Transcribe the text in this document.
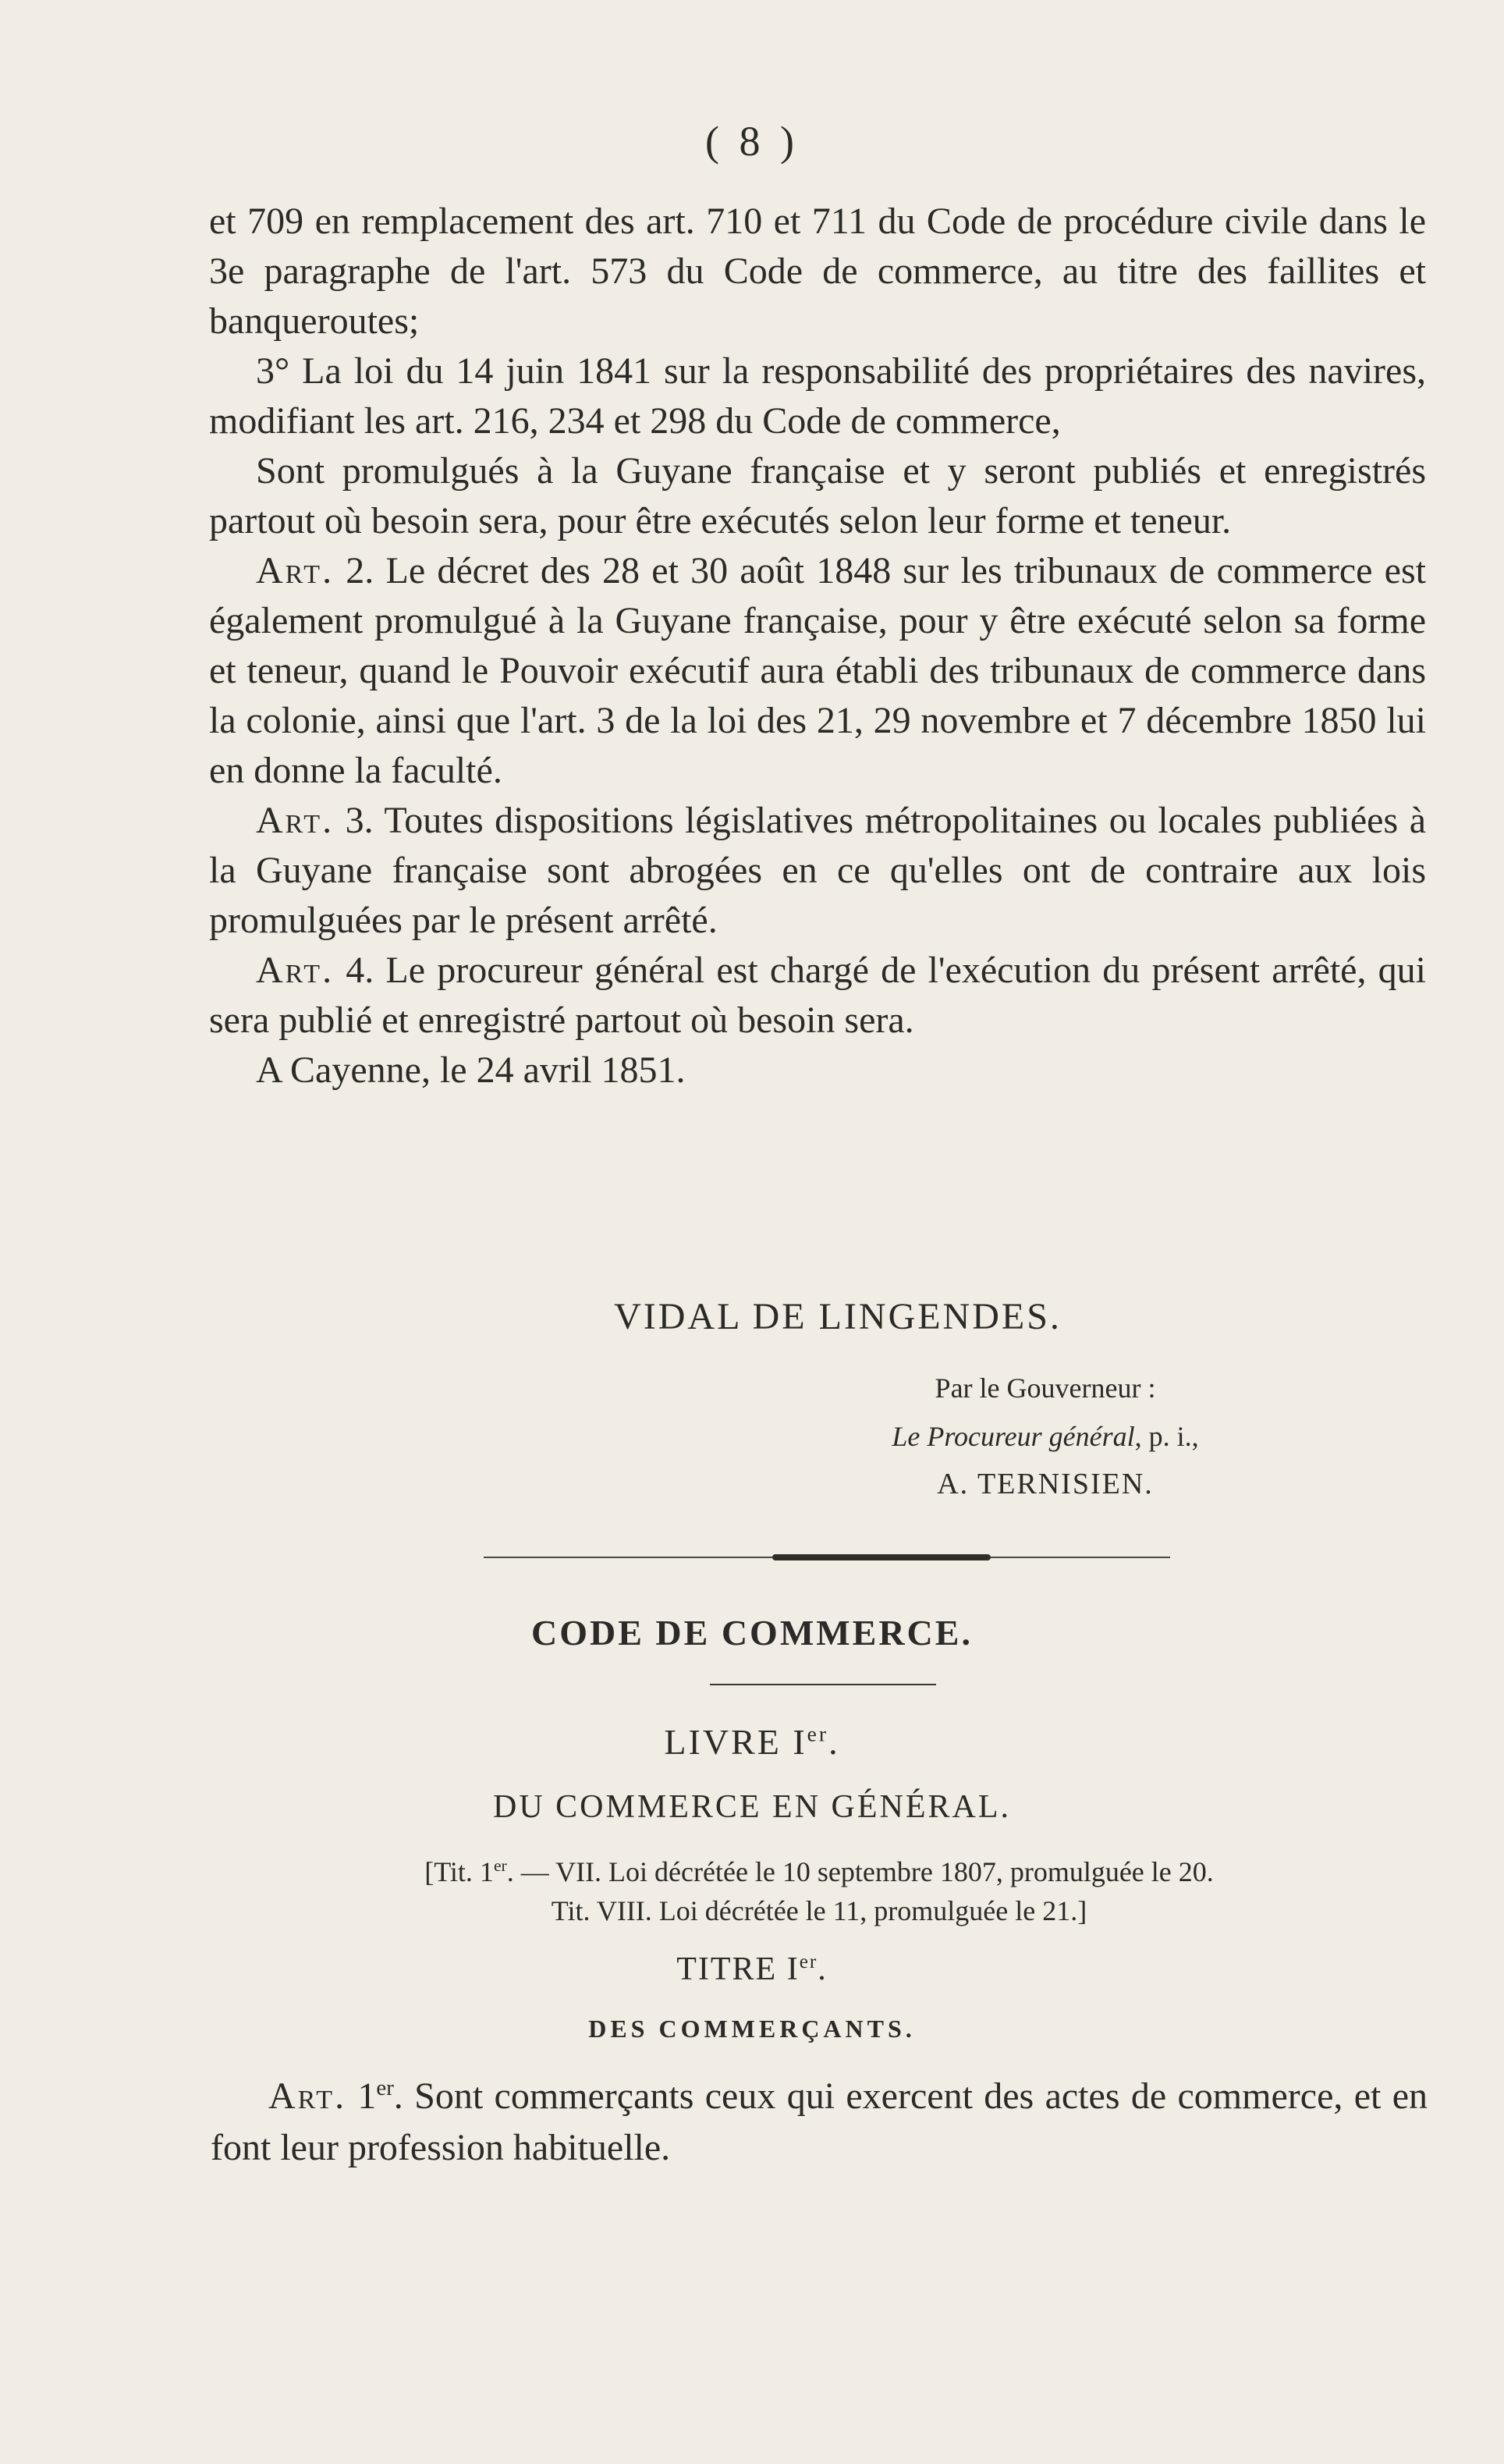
( 8 )

et 709 en remplacement des art. 710 et 711 du Code de procédure civile dans le 3e paragraphe de l'art. 573 du Code de commerce, au titre des faillites et banqueroutes;

3° La loi du 14 juin 1841 sur la responsabilité des propriétaires des navires, modifiant les art. 216, 234 et 298 du Code de commerce,

Sont promulgués à la Guyane française et y seront publiés et enregistrés partout où besoin sera, pour être exécutés selon leur forme et teneur.

Art. 2. Le décret des 28 et 30 août 1848 sur les tribunaux de commerce est également promulgué à la Guyane française, pour y être exécuté selon sa forme et teneur, quand le Pouvoir exécutif aura établi des tribunaux de commerce dans la colonie, ainsi que l'art. 3 de la loi des 21, 29 novembre et 7 décembre 1850 lui en donne la faculté.

Art. 3. Toutes dispositions législatives métropolitaines ou locales publiées à la Guyane française sont abrogées en ce qu'elles ont de contraire aux lois promulguées par le présent arrêté.

Art. 4. Le procureur général est chargé de l'exécution du présent arrêté, qui sera publié et enregistré partout où besoin sera.

A Cayenne, le 24 avril 1851.

VIDAL DE LINGENDES.
Par le Gouverneur :
Le Procureur général, p. i.,
A. TERNISIEN.
CODE DE COMMERCE.
LIVRE Ier.
DU COMMERCE EN GÉNÉRAL.
[Tit. 1er. — VII. Loi décrétée le 10 septembre 1807, promulguée le 20.
Tit. VIII. Loi décrétée le 11, promulguée le 21.]
TITRE Ier.
DES COMMERÇANTS.

Art. 1er. Sont commerçants ceux qui exercent des actes de commerce, et en font leur profession habituelle.
